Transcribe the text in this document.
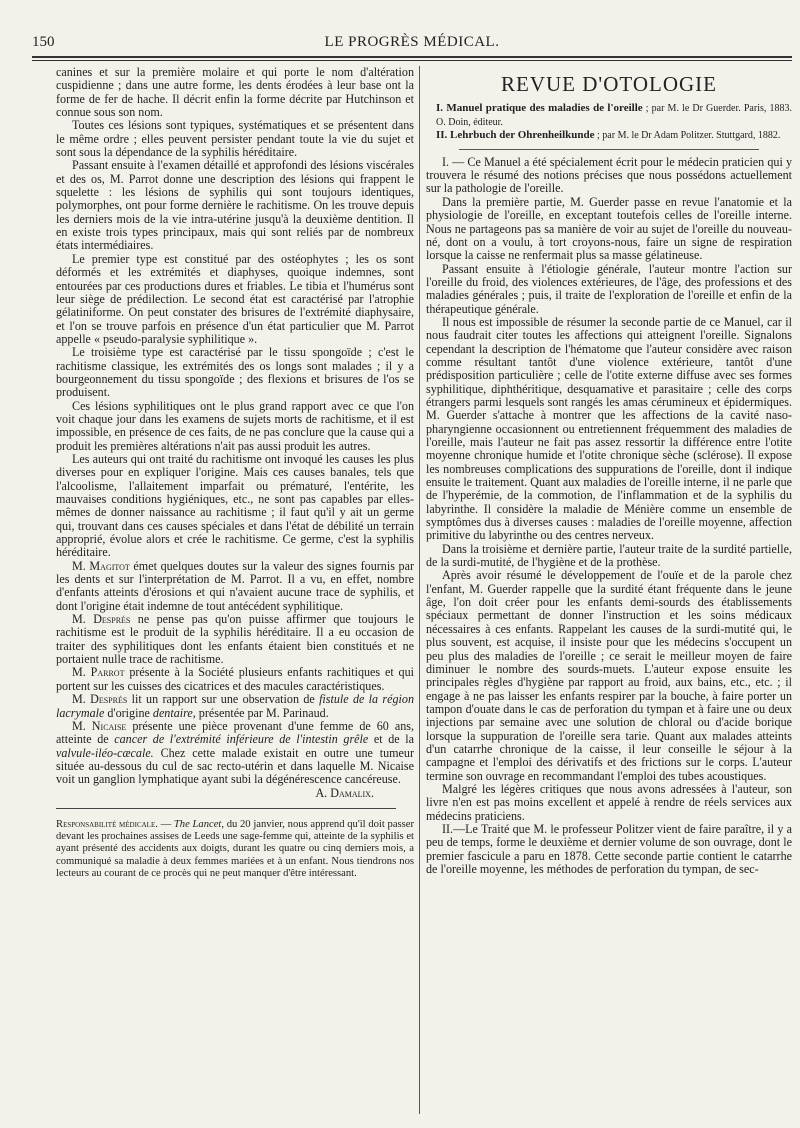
150	LE PROGRÈS MÉDICAL.

canines et sur la première molaire et qui porte le nom d'altération cuspidienne ; dans une autre forme, les dents érodées à leur base ont la forme de fer de hache. Il décrit enfin la forme décrite par Hutchinson et connue sous son nom.

Toutes ces lésions sont typiques, systématiques et se présentent dans le même ordre ; elles peuvent persister pendant toute la vie du sujet et sont sous la dépendance de la syphilis héréditaire.

Passant ensuite à l'examen détaillé et approfondi des lésions viscérales et des os, M. Parrot donne une description des lésions qui frappent le squelette : les lésions de syphilis qui sont toujours identiques, polymorphes, ont pour forme dernière le rachitisme. On les trouve depuis les derniers mois de la vie intra-utérine jusqu'à la deuxième dentition. Il en existe trois types principaux, mais qui sont reliés par de nombreux états intermédiaires.

Le premier type est constitué par des ostéophytes ; les os sont déformés et les extrémités et diaphyses, quoique indemnes, sont entourées par ces productions dures et friables. Le tibia et l'humérus sont leur siège de prédilection. Le second état est caractérisé par l'atrophie gélatiniforme. On peut constater des brisures de l'extrémité diaphysaire, et l'on se trouve parfois en présence d'un état particulier que M. Parrot appelle « pseudo-paralysie syphilitique ».

Le troisième type est caractérisé par le tissu spongoïde ; c'est le rachitisme classique, les extrémités des os longs sont malades ; il y a bourgeonnement du tissu spongoïde ; des flexions et brisures de l'os se produisent.

Ces lésions syphilitiques ont le plus grand rapport avec ce que l'on voit chaque jour dans les examens de sujets morts de rachitisme, et il est impossible, en présence de ces faits, de ne pas conclure que la cause qui a produit les premières altérations n'ait pas aussi produit les autres.

Les auteurs qui ont traité du rachitisme ont invoqué les causes les plus diverses pour en expliquer l'origine. Mais ces causes banales, tels que l'alcoolisme, l'allaitement imparfait ou prématuré, l'entérite, les mauvaises conditions hygiéniques, etc., ne sont pas capables par elles-mêmes de donner naissance au rachitisme ; il faut qu'il y ait un germe qui, trouvant dans ces causes spéciales et dans l'état de débilité un terrain approprié, évolue alors et crée le rachitisme. Ce germe, c'est la syphilis héréditaire.

M. Magitot émet quelques doutes sur la valeur des signes fournis par les dents et sur l'interprétation de M. Parrot. Il a vu, en effet, nombre d'enfants atteints d'érosions et qui n'avaient aucune trace de syphilis, et dont l'origine était indemne de tout antécédent syphilitique.

M. Després ne pense pas qu'on puisse affirmer que toujours le rachitisme est le produit de la syphilis héréditaire. Il a eu occasion de traiter des syphilitiques dont les enfants étaient bien constitués et ne portaient nulle trace de rachitisme.

M. Parrot présente à la Société plusieurs enfants rachitiques et qui portent sur les cuisses des cicatrices et des macules caractéristiques.

M. Després lit un rapport sur une observation de fistule de la région lacrymale d'origine dentaire, présentée par M. Parinaud.

M. Nicaise présente une pièce provenant d'une femme de 60 ans, atteinte de cancer de l'extrémité inférieure de l'intestin grêle et de la valvule-iléo-cæcale. Chez cette malade existait en outre une tumeur située au-dessous du cul de sac recto-utérin et dans laquelle M. Nicaise voit un ganglion lymphatique ayant subi la dégénérescence cancéreuse.

A. Damalix.

Responsabilité médicale. — The Lancet, du 20 janvier, nous apprend qu'il doit passer devant les prochaines assises de Leeds une sage-femme qui, atteinte de la syphilis et ayant présenté des accidents aux doigts, durant les quatre ou cinq derniers mois, a communiqué sa maladie à deux femmes mariées et à un enfant. Nous tiendrons nos lecteurs au courant de ce procès qui ne peut manquer d'être intéressant.

REVUE D'OTOLOGIE

I. Manuel pratique des maladies de l'oreille ; par M. le Dr Guerder. Paris, 1883. O. Doin, éditeur.

II. Lehrbuch der Ohrenheilkunde ; par M. le Dr Adam Politzer. Stuttgard, 1882.

I. — Ce Manuel a été spécialement écrit pour le médecin praticien qui y trouvera le résumé des notions précises que nous possédons actuellement sur la pathologie de l'oreille.

Dans la première partie, M. Guerder passe en revue l'anatomie et la physiologie de l'oreille, en exceptant toutefois celles de l'oreille interne. Nous ne partageons pas sa manière de voir au sujet de l'oreille du nouveau-né, dont on a voulu, à tort croyons-nous, faire un signe de respiration lorsque la caisse ne renfermait plus sa masse gélatineuse.

Passant ensuite à l'étiologie générale, l'auteur montre l'action sur l'oreille du froid, des violences extérieures, de l'âge, des professions et des maladies générales ; puis, il traite de l'exploration de l'oreille et enfin de la thérapeutique générale.

Il nous est impossible de résumer la seconde partie de ce Manuel, car il nous faudrait citer toutes les affections qui atteignent l'oreille. Signalons cependant la description de l'hématome que l'auteur considère avec raison comme résultant tantôt d'une violence extérieure, tantôt d'une prédisposition particulière ; celle de l'otite externe diffuse avec ses formes syphilitique, diphthéritique, desquamative et parasitaire ; celle des corps étrangers parmi lesquels sont rangés les amas cérumineux et épidermiques. M. Guerder s'attache à montrer que les affections de la cavité naso-pharyngienne occasionnent ou entretiennent fréquemment des maladies de l'oreille, mais l'auteur ne fait pas assez ressortir la différence entre l'otite moyenne chronique humide et l'otite chronique sèche (sclérose). Il expose les nombreuses complications des suppurations de l'oreille, dont il indique ensuite le traitement. Quant aux maladies de l'oreille interne, il ne parle que de l'hyperémie, de la commotion, de l'inflammation et de la syphilis du labyrinthe. Il considère la maladie de Ménière comme un ensemble de symptômes dus à diverses causes : maladies de l'oreille moyenne, affection primitive du labyrinthe ou des centres nerveux.

Dans la troisième et dernière partie, l'auteur traite de la surdité partielle, de la surdi-mutité, de l'hygiène et de la prothèse.

Après avoir résumé le développement de l'ouïe et de la parole chez l'enfant, M. Guerder rappelle que la surdité étant fréquente dans le jeune âge, l'on doit créer pour les enfants demi-sourds des établissements spéciaux permettant de donner l'instruction et les soins médicaux nécessaires à ces enfants. Rappelant les causes de la surdi-mutité qui, le plus souvent, est acquise, il insiste pour que les médecins s'occupent un peu plus des maladies de l'oreille ; ce serait le meilleur moyen de faire diminuer le nombre des sourds-muets. L'auteur expose ensuite les principales règles d'hygiène par rapport au froid, aux bains, etc., etc. ; il engage à ne pas laisser les enfants respirer par la bouche, à faire porter un tampon d'ouate dans le cas de perforation du tympan et à faire une ou deux injections par semaine avec une solution de chloral ou d'acide borique lorsque la suppuration de l'oreille sera tarie. Quant aux malades atteints d'un catarrhe chronique de la caisse, il leur conseille le séjour à la campagne et l'emploi des dérivatifs et des frictions sur le corps. L'auteur termine son ouvrage en recommandant l'emploi des tubes acoustiques.

Malgré les légères critiques que nous avons adressées à l'auteur, son livre n'en est pas moins excellent et appelé à rendre de réels services aux médecins praticiens.

II.—Le Traité que M. le professeur Politzer vient de faire paraître, il y a peu de temps, forme le deuxième et dernier volume de son ouvrage, dont le premier fascicule a paru en 1878. Cette seconde partie contient le catarrhe de l'oreille moyenne, les méthodes de perforation du tympan, de sec-
